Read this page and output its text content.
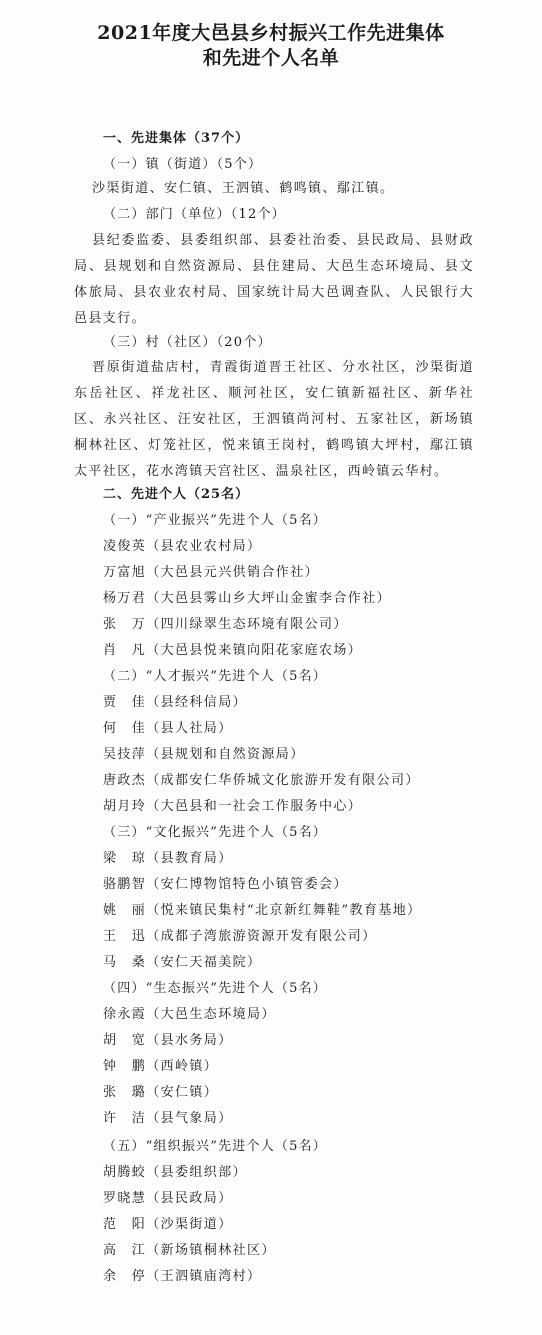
2021年度大邑县乡村振兴工作先进集体
和先进个人名单
一、先进集体（37个）
（一）镇（街道）（5个）
沙渠街道、安仁镇、王泗镇、鹤鸣镇、鄢江镇。
（二）部门（单位）（12个）
县纪委监委、县委组织部、县委社治委、县民政局、县财政局、县规划和自然资源局、县住建局、大邑生态环境局、县文体旅局、县农业农村局、国家统计局大邑调查队、人民银行大邑县支行。
（三）村（社区）（20个）
晋原街道盐店村，青霞街道晋王社区、分水社区，沙渠街道东岳社区、祥龙社区、顺河社区，安仁镇新福社区、新华社区、永兴社区、汪安社区，王泗镇尚河村、五家社区，新场镇桐林社区、灯笼社区，悦来镇王岗村，鹤鸣镇大坪村，鄢江镇太平社区，花水湾镇天宫社区、温泉社区，西岭镇云华村。
二、先进个人（25名）
（一）“产业振兴”先进个人（5名）
凌俊英（县农业农村局）
万富旭（大邑县元兴供销合作社）
杨万君（大邑县雾山乡大坪山金蜜李合作社）
张　万（四川绿翠生态环境有限公司）
肖　凡（大邑县悦来镇向阳花家庭农场）
（二）“人才振兴”先进个人（5名）
贾　佳（县经科信局）
何　佳（县人社局）
吴技萍（县规划和自然资源局）
唐政杰（成都安仁华侨城文化旅游开发有限公司）
胡月玲（大邑县和一社会工作服务中心）
（三）“文化振兴”先进个人（5名）
梁　琼（县教育局）
骆鹏智（安仁博物馆特色小镇管委会）
姚　丽（悦来镇民集村“北京新红舞鞋”教育基地）
王　迅（成都子湾旅游资源开发有限公司）
马　桑（安仁天福美院）
（四）“生态振兴”先进个人（5名）
徐永霞（大邑生态环境局）
胡　宽（县水务局）
钟　鹏（西岭镇）
张　璐（安仁镇）
许　洁（县气象局）
（五）“组织振兴”先进个人（5名）
胡腾蛟（县委组织部）
罗晓慧（县民政局）
范　阳（沙渠街道）
高　江（新场镇桐林社区）
余　停（王泗镇庙湾村）
